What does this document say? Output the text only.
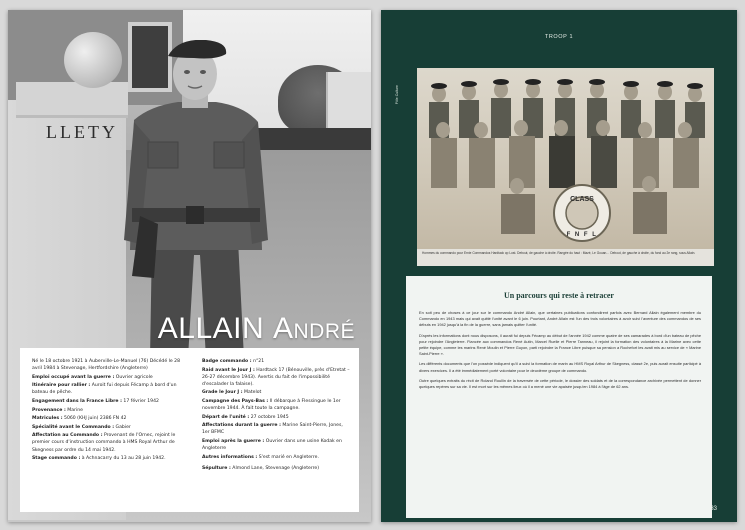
LLETY
ALLAIN André

Né le 18 octobre 1921 à Auberville-Le-Manuel (76) Décédé le 28 avril 1984 à Stevenage, Hertfordshire (Angleterre)

Emploi occupé avant la guerre : Ouvrier agricole

Itinéraire pour rallier : Auroit fui depuis Fécamp à bord d'un bateau de pêche.

Engagement dans la France Libre : 17 février 1942

Provenance : Marine

Matricules : 5060 (KHJ juin) 2386 FN 42

Spécialité avant le Commando : Gabier

Affectation au Commando : Provenant de l'Ornec, rejoint le premier cours d'instruction commando à HMS Royal Arthur de Skegness par ordre du 14 mai 1942.

Stage commando : à Achnacarry du 13 au 28 juin 1942.

Badge commando : n°21

Raid avant le Jour J : Hardtack 17 (Bénouville, près d'Etretat – 26-27 décembre 1943). Avertis du fait de l'impossibilité d'escalader la falaise).

Grade le Jour J : Matelot

Campagne des Pays-Bas : Il débarque à Flessingue le 1er novembre 1944. À fait toute la campagne.

Départ de l'unité : 27 octobre 1945

Affectations durant la guerre : Marine Saint-Pierre, Jones, 1er BFMC

Emploi après la guerre : Ouvrier dans une usine Kodak en Angleterre

Autres informations : S'est marié en Angleterre.

Sépulture : Almond Lane, Stevenage (Angleterre)

TROOP 1
Pôle Culture
CLASS
F N F L
Hommes du commando pour Ernie Commandos Hardtack op Lost. Debout, de gauche à droite. Rangée du haut : Mazé, Le Gouan… Debout, de gauche à droite, du fond au 2e rang, sous Allain.
Un parcours qui reste à retracer

En soit peu de choses à ce jour sur le commando André Allain, que certaines publications confondirent parfois avec Bernard Allain également membre du Commando en 1943 mais qui avait quitté l'unité avant le 6 juin. Pourtant, André Allain est l'un des trois volontaires à avoir suivi l'aventure des commandos de ses débuts en 1942 jusqu'à la fin de la guerre, sans jamais quitter l'unité.

D'après les informations dont nous disposons, il aurait fui depuis Fécamp au début de l'année 1942 comme quatre de ses camarades à bord d'un bateau de pêche pour rejoindre l'Angleterre. Fiancée aux commandos René Autin, Marcel Ruelle et Pierre Tanneau, il rejoint la formation des volontaires à la Marine avec cette petite équipe, comme les marins René Moulin et Pierre Guyon, parti rejoindre la France Libre puisque sa pension a Rochefort les avait mis au service de « Marine Saint-Pierre ».

Les différents documents que l'on possède indiquent qu'il a suivi la formation de marin au HMS Royal Arthur de Skegness, classé 2e, puis aurait ensuite participé à divers exercices. Il a été immédiatement porté volontaire pour le deuxième groupe de commando.

Outre quelques extraits du récit de Roland Roullin de la traversée de cette période, le dossier des soldats et de la correspondance archivée permettent de donner quelques repères sur sa vie. Il est mort sur les mêmes lieux où il a mené une vie apaisée jusqu'en 1984 à l'âge de 62 ans.

33
